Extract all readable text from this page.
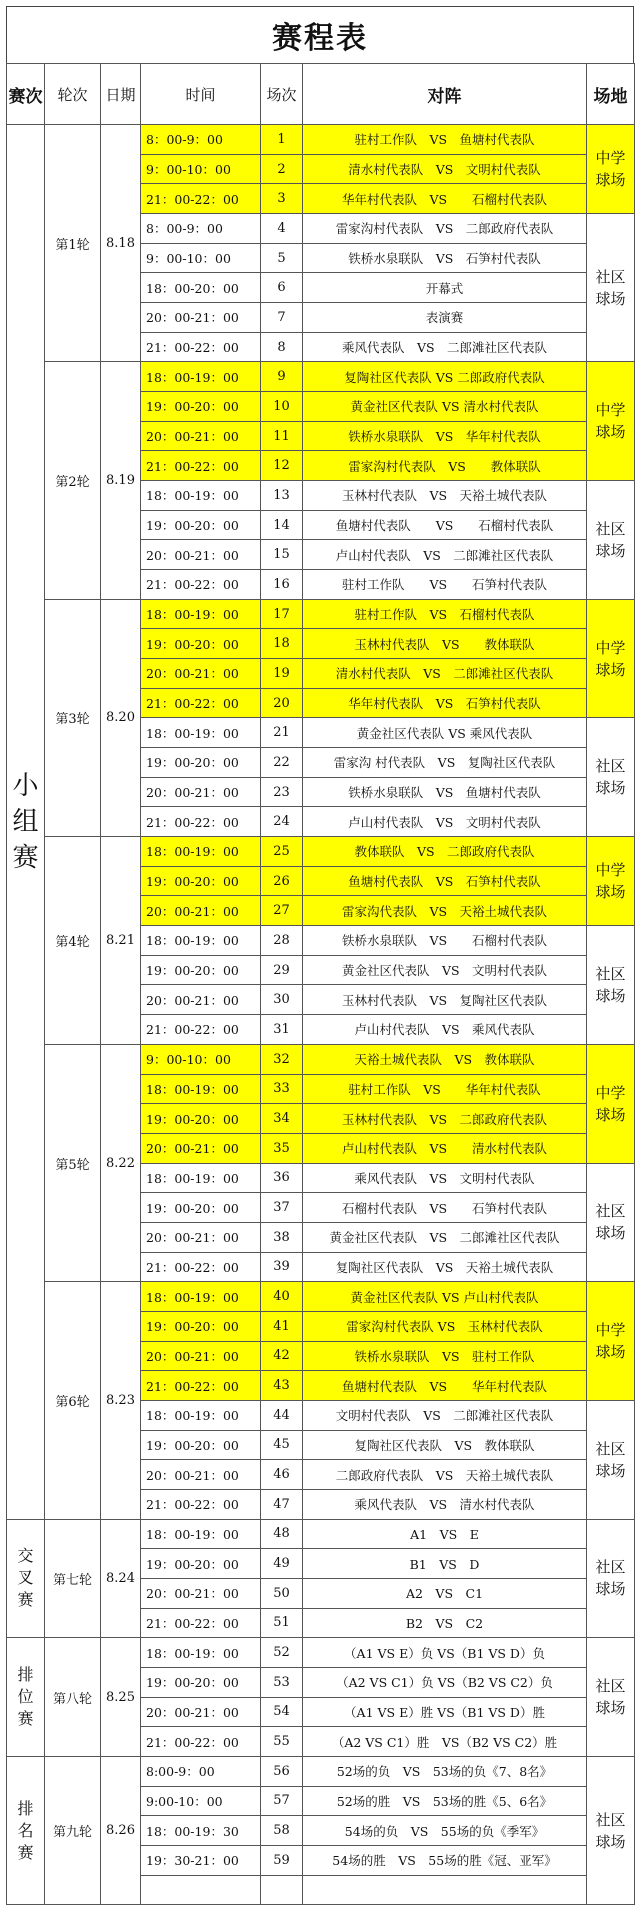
赛程表
赛次	轮次	日期	时间	场次	对阵	场地
小组赛	第1轮	8.18	8：00-9：00	1	驻村工作队　VS　鱼塘村代表队	中学球场
			9：00-10：00	2	清水村代表队　VS　文明村代表队	
			21：00-22：00	3	华年村代表队　VS　　石榴村代表队	
			8：00-9：00	4	雷家沟村代表队　VS　二郎政府代表队	社区球场
			9：00-10：00	5	铁桥水泉联队　VS　石笋村代表队	
			18：00-20：00	6	开幕式	
			20：00-21：00	7	表演赛	
			21：00-22：00	8	乘风代表队　VS　二郎滩社区代表队	
	第2轮	8.19	18：00-19：00	9	复陶社区代表队 VS 二郎政府代表队	中学球场
			19：00-20：00	10	黄金社区代表队 VS 清水村代表队	
			20：00-21：00	11	铁桥水泉联队　VS　华年村代表队	
			21：00-22：00	12	雷家沟村代表队　VS　　教体联队	
			18：00-19：00	13	玉林村代表队　VS　天裕土城代表队	社区球场
			19：00-20：00	14	鱼塘村代表队　　VS　　石榴村代表队	
			20：00-21：00	15	卢山村代表队　VS　二郎滩社区代表队	
			21：00-22：00	16	驻村工作队　　VS　　石笋村代表队	
	第3轮	8.20	18：00-19：00	17	驻村工作队　VS　石榴村代表队	中学球场
			19：00-20：00	18	玉林村代表队　VS　　教体联队	
			20：00-21：00	19	清水村代表队　VS　二郎滩社区代表队	
			21：00-22：00	20	华年村代表队　VS　石笋村代表队	
			18：00-19：00	21	黄金社区代表队 VS 乘风代表队	社区球场
			19：00-20：00	22	雷家沟 村代表队　VS　复陶社区代表队	
			20：00-21：00	23	铁桥水泉联队　VS　鱼塘村代表队	
			21：00-22：00	24	卢山村代表队　VS　文明村代表队	
	第4轮	8.21	18：00-19：00	25	教体联队　VS　二郎政府代表队	中学球场
			19：00-20：00	26	鱼塘村代表队　VS　石笋村代表队	
			20：00-21：00	27	雷家沟代表队　VS　天裕土城代表队	
			18：00-19：00	28	铁桥水泉联队　VS　　石榴村代表队	社区球场
			19：00-20：00	29	黄金社区代表队　VS　文明村代表队	
			20：00-21：00	30	玉林村代表队　VS　复陶社区代表队	
			21：00-22：00	31	卢山村代表队　VS　乘风代表队	
	第5轮	8.22	9：00-10：00	32	天裕土城代表队　VS　教体联队	中学球场
			18：00-19：00	33	驻村工作队　VS　　华年村代表队	
			19：00-20：00	34	玉林村代表队　VS　二郎政府代表队	
			20：00-21：00	35	卢山村代表队　VS　　清水村代表队	
			18：00-19：00	36	乘风代表队　VS　文明村代表队	社区球场
			19：00-20：00	37	石榴村代表队　VS　　石笋村代表队	
			20：00-21：00	38	黄金社区代表队　VS　二郎滩社区代表队	
			21：00-22：00	39	复陶社区代表队　VS　天裕土城代表队	
	第6轮	8.23	18：00-19：00	40	黄金社区代表队 VS 卢山村代表队	中学球场
			19：00-20：00	41	雷家沟村代表队 VS　玉林村代表队	
			20：00-21：00	42	铁桥水泉联队　VS　驻村工作队	
			21：00-22：00	43	鱼塘村代表队　VS　　华年村代表队	
			18：00-19：00	44	文明村代表队　VS　二郎滩社区代表队	社区球场
			19：00-20：00	45	复陶社区代表队　VS　教体联队	
			20：00-21：00	46	二郎政府代表队　VS　天裕土城代表队	
			21：00-22：00	47	乘风代表队　VS　清水村代表队	
交叉赛	第七轮	8.24	18：00-19：00	48	A1　VS　E	社区球场
			19：00-20：00	49	B1　VS　D	
			20：00-21：00	50	A2　VS　C1	
			21：00-22：00	51	B2　VS　C2	
排位赛	第八轮	8.25	18：00-19：00	52	（A1 VS E）负 VS（B1 VS D）负	社区球场
			19：00-20：00	53	（A2 VS C1）负 VS（B2 VS C2）负	
			20：00-21：00	54	（A1 VS E）胜 VS（B1 VS D）胜	
			21：00-22：00	55	（A2 VS C1）胜　VS（B2 VS C2）胜	
排名赛	第九轮	8.26	8:00-9：00	56	52场的负　VS　53场的负《7、8名》	社区球场
			9:00-10：00	57	52场的胜　VS　53场的胜《5、6名》	
			18：00-19：30	58	54场的负　VS　55场的负《季军》	
			19：30-21：00	59	54场的胜　VS　55场的胜《冠、亚军》	
